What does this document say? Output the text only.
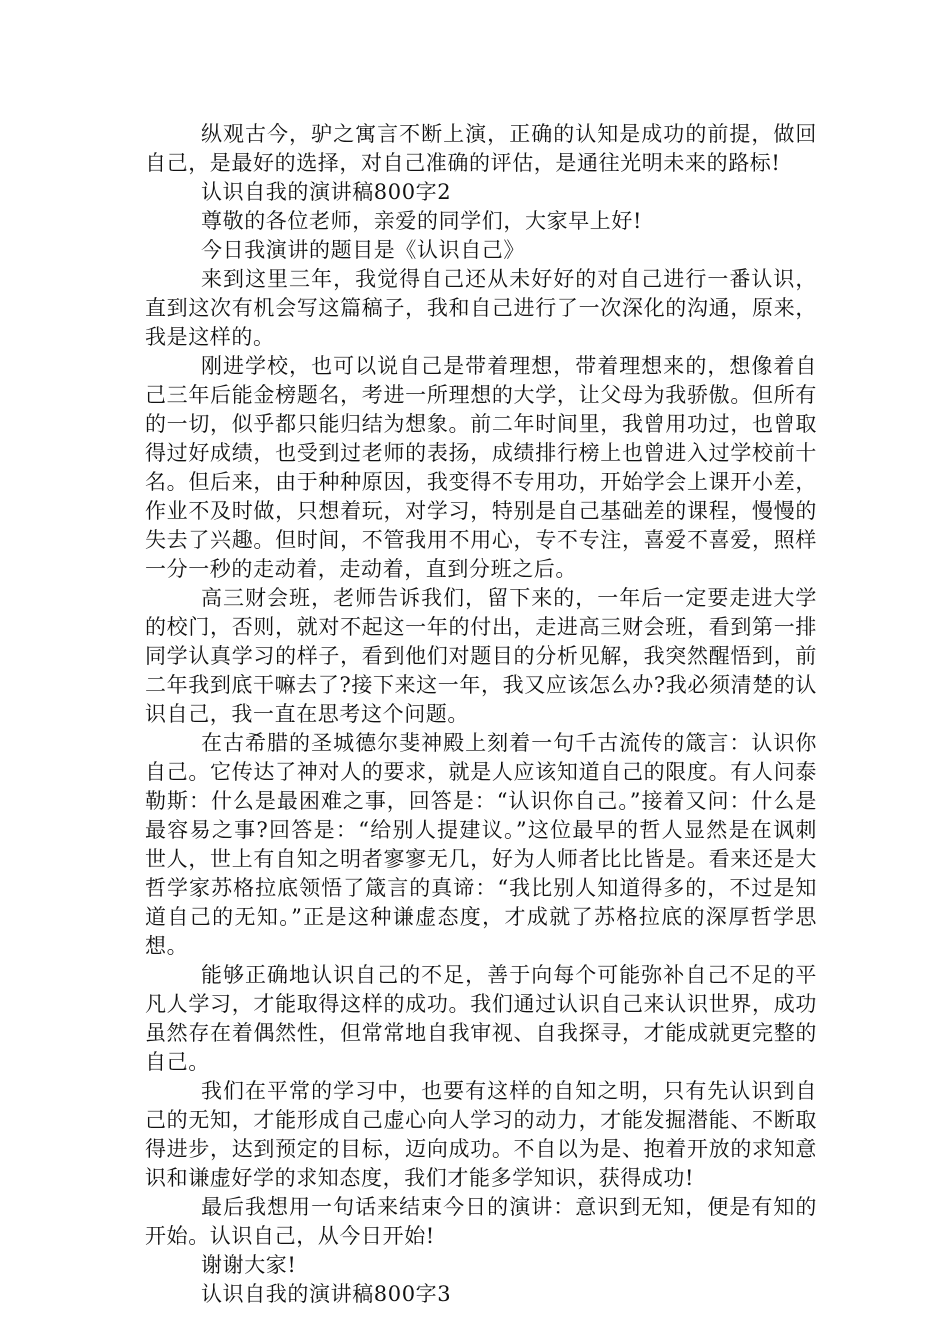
纵观古今，驴之寓言不断上演，正确的认知是成功的前提，做回自己，是最好的选择，对自己准确的评估，是通往光明未来的路标!

认识自我的演讲稿800字2

尊敬的各位老师，亲爱的同学们，大家早上好!

今日我演讲的题目是《认识自己》

来到这里三年，我觉得自己还从未好好的对自己进行一番认识，直到这次有机会写这篇稿子，我和自己进行了一次深化的沟通，原来，我是这样的。

刚进学校，也可以说自己是带着理想，带着理想来的，想像着自己三年后能金榜题名，考进一所理想的大学，让父母为我骄傲。但所有的一切，似乎都只能归结为想象。前二年时间里，我曾用功过，也曾取得过好成绩，也受到过老师的表扬，成绩排行榜上也曾进入过学校前十名。但后来，由于种种原因，我变得不专用功，开始学会上课开小差，作业不及时做，只想着玩，对学习，特别是自己基础差的课程，慢慢的失去了兴趣。但时间，不管我用不用心，专不专注，喜爱不喜爱，照样一分一秒的走动着，走动着，直到分班之后。

高三财会班，老师告诉我们，留下来的，一年后一定要走进大学的校门，否则，就对不起这一年的付出，走进高三财会班，看到第一排同学认真学习的样子，看到他们对题目的分析见解，我突然醒悟到，前二年我到底干嘛去了?接下来这一年，我又应该怎么办?我必须清楚的认识自己，我一直在思考这个问题。

在古希腊的圣城德尔斐神殿上刻着一句千古流传的箴言：认识你自己。它传达了神对人的要求，就是人应该知道自己的限度。有人问泰勒斯：什么是最困难之事，回答是：“认识你自己。”接着又问：什么是最容易之事?回答是：“给别人提建议。”这位最早的哲人显然是在讽刺世人，世上有自知之明者寥寥无几，好为人师者比比皆是。看来还是大哲学家苏格拉底领悟了箴言的真谛：“我比别人知道得多的，不过是知道自己的无知。”正是这种谦虚态度，才成就了苏格拉底的深厚哲学思想。

能够正确地认识自己的不足，善于向每个可能弥补自己不足的平凡人学习，才能取得这样的成功。我们通过认识自己来认识世界，成功虽然存在着偶然性，但常常地自我审视、自我探寻，才能成就更完整的自己。

我们在平常的学习中，也要有这样的自知之明，只有先认识到自己的无知，才能形成自己虚心向人学习的动力，才能发掘潜能、不断取得进步，达到预定的目标，迈向成功。不自以为是、抱着开放的求知意识和谦虚好学的求知态度，我们才能多学知识，获得成功!

最后我想用一句话来结束今日的演讲：意识到无知，便是有知的开始。认识自己，从今日开始!

谢谢大家!

认识自我的演讲稿800字3
